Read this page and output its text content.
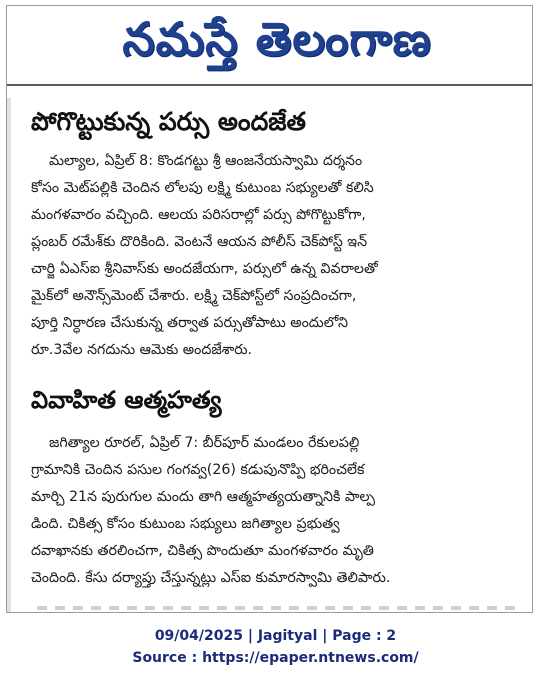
నమస్తే తెలంగాణ
పోగొట్టుకున్న పర్సు అందజేత
మల్యాల, ఏప్రిల్ 8: కొండగట్టు శ్రీ ఆంజనేయస్వామి దర్శనం
కోసం మెట్‌పల్లికి చెందిన లోలపు లక్ష్మి కుటుంబ సభ్యులతో కలిసి
మంగళవారం వచ్చింది. ఆలయ పరిసరాల్లో పర్సు పోగొట్టుకోగా,
ప్లంబర్ రమేశ్‌కు దొరికింది. వెంటనే ఆయన పోలీస్ చెక్‌పోస్ట్ ఇన్
చార్జి ఏఎస్ఐ శ్రీనివాస్‌కు అందజేయగా, పర్సులో ఉన్న వివరాలతో
మైక్‌లో అనౌన్స్‌మెంట్ చేశారు. లక్ష్మి చెక్‌పోస్ట్‌లో సంప్రదించగా,
పూర్తి నిర్ధారణ చేసుకున్న తర్వాత పర్సుతోపాటు అందులోని
రూ.3వేల నగదును ఆమెకు అందజేశారు.
వివాహిత ఆత్మహత్య
జగిత్యాల రూరల్, ఏప్రిల్ 7: బీర్‌పూర్ మండలం రేకులపల్లి
గ్రామానికి చెందిన పసుల గంగవ్వ(26) కడుపునొప్పి భరించలేక
మార్చి 21న పురుగుల మందు తాగి ఆత్మహత్యయత్నానికి పాల్ప
డింది. చికిత్స కోసం కుటుంబ సభ్యులు జగిత్యాల ప్రభుత్వ
దవాఖానకు తరలించగా, చికిత్స పొందుతూ మంగళవారం మృతి
చెందింది. కేసు దర్యాప్తు చేస్తున్నట్లు ఎస్ఐ కుమారస్వామి తెలిపారు.
09/04/2025 | Jagityal | Page : 2
Source : https://epaper.ntnews.com/
